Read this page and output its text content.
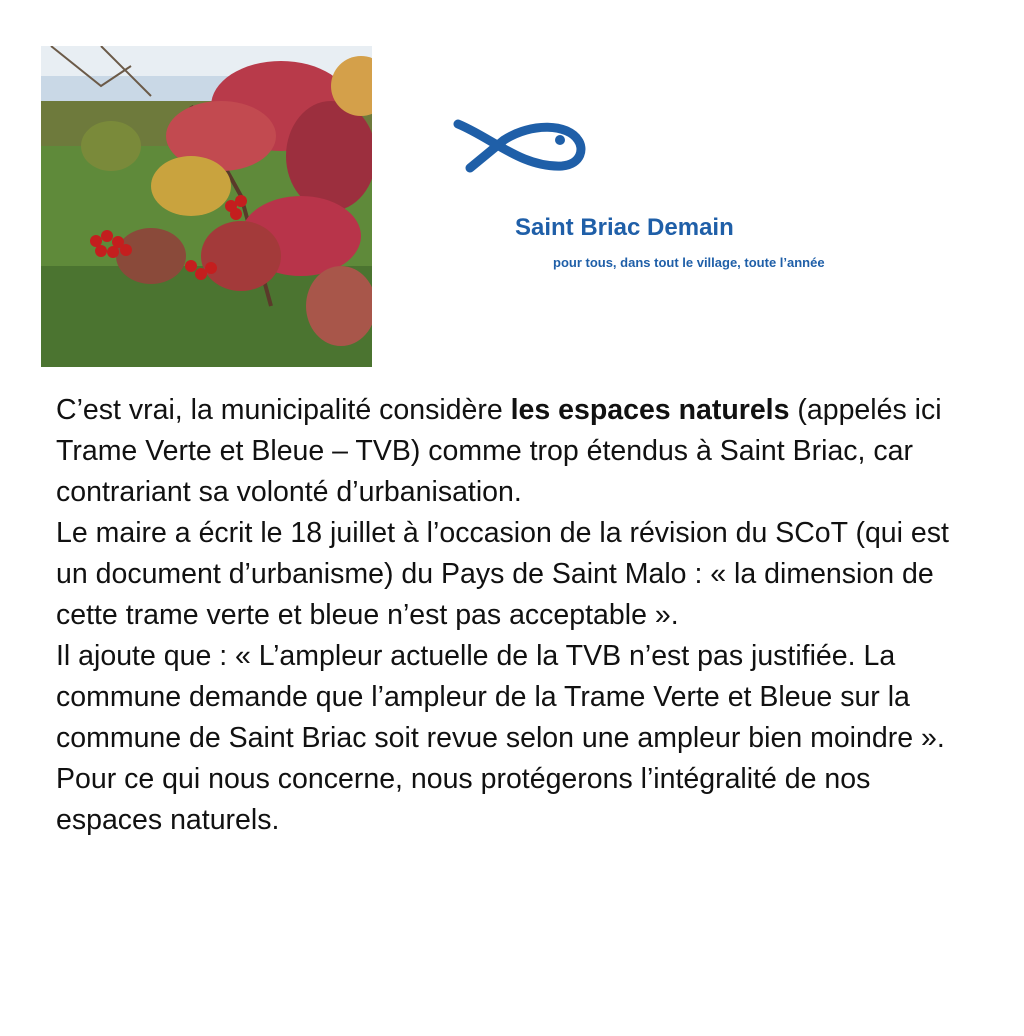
Saint Briac Demain
pour tous, dans tout le village, toute l’année

C’est vrai, la municipalité considère les espaces naturels (appelés ici Trame Verte et Bleue – TVB) comme trop étendus à Saint Briac, car contrariant sa volonté d’urbanisation.

Le maire a écrit le 18 juillet à l’occasion de la révision du SCoT (qui est un document d’urbanisme) du Pays de Saint Malo : « la dimension de cette trame verte et bleue n’est pas acceptable ».

Il ajoute que : « L’ampleur actuelle de la TVB n’est pas justifiée. La commune demande que l’ampleur de la Trame Verte et Bleue sur la commune de Saint Briac soit revue selon une ampleur bien moindre ».

Pour ce qui nous concerne, nous protégerons l’intégralité de nos espaces naturels.
